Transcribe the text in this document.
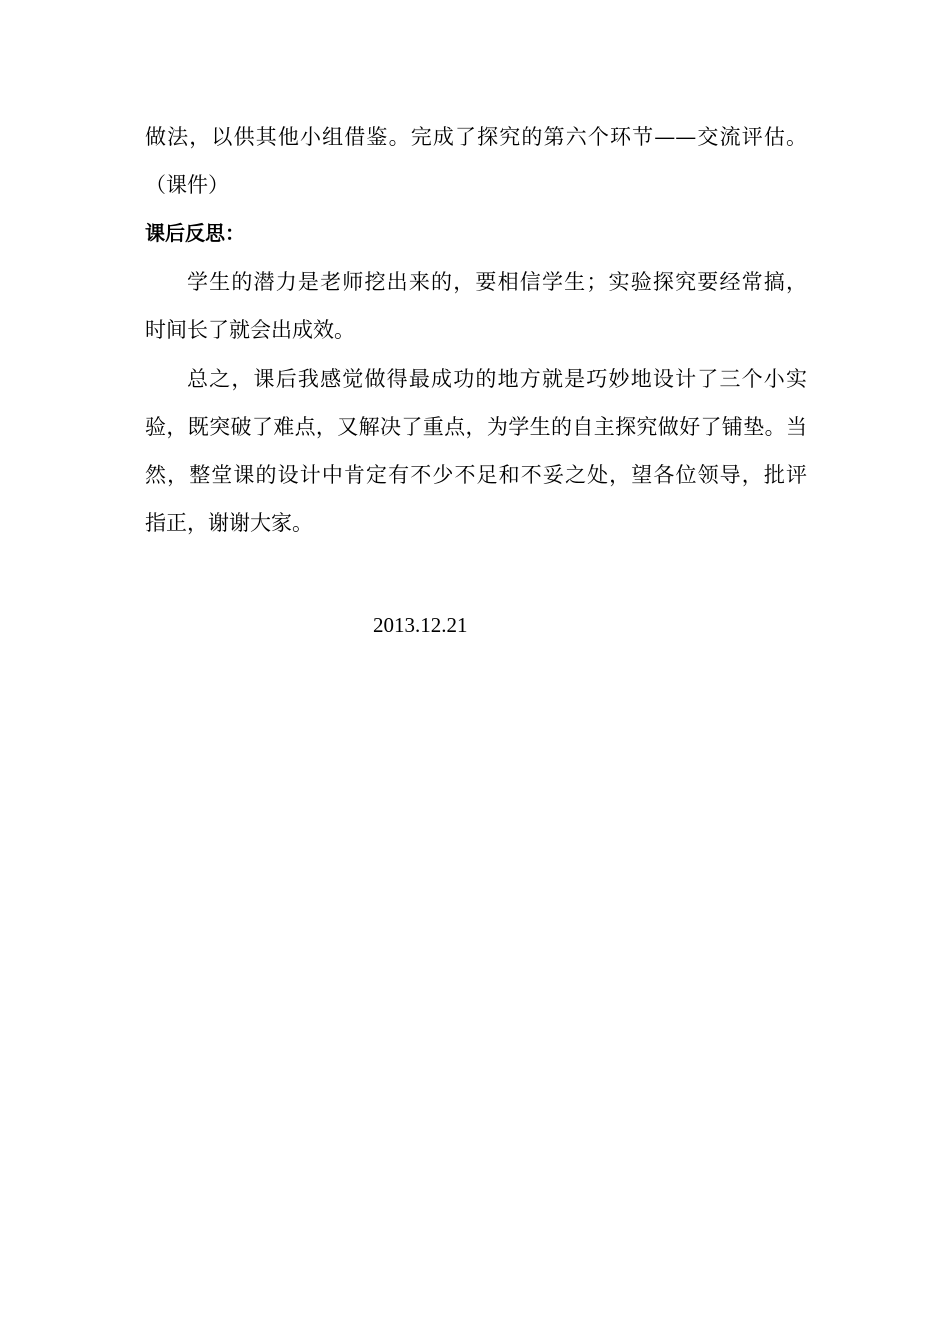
做法，以供其他小组借鉴。完成了探究的第六个环节——交流评估。
（课件）
课后反思：
学生的潜力是老师挖出来的，要相信学生；实验探究要经常搞，
时间长了就会出成效。
总之，课后我感觉做得最成功的地方就是巧妙地设计了三个小实
验，既突破了难点，又解决了重点，为学生的自主探究做好了铺垫。当
然，整堂课的设计中肯定有不少不足和不妥之处，望各位领导，批评
指正，谢谢大家。
2013.12.21
